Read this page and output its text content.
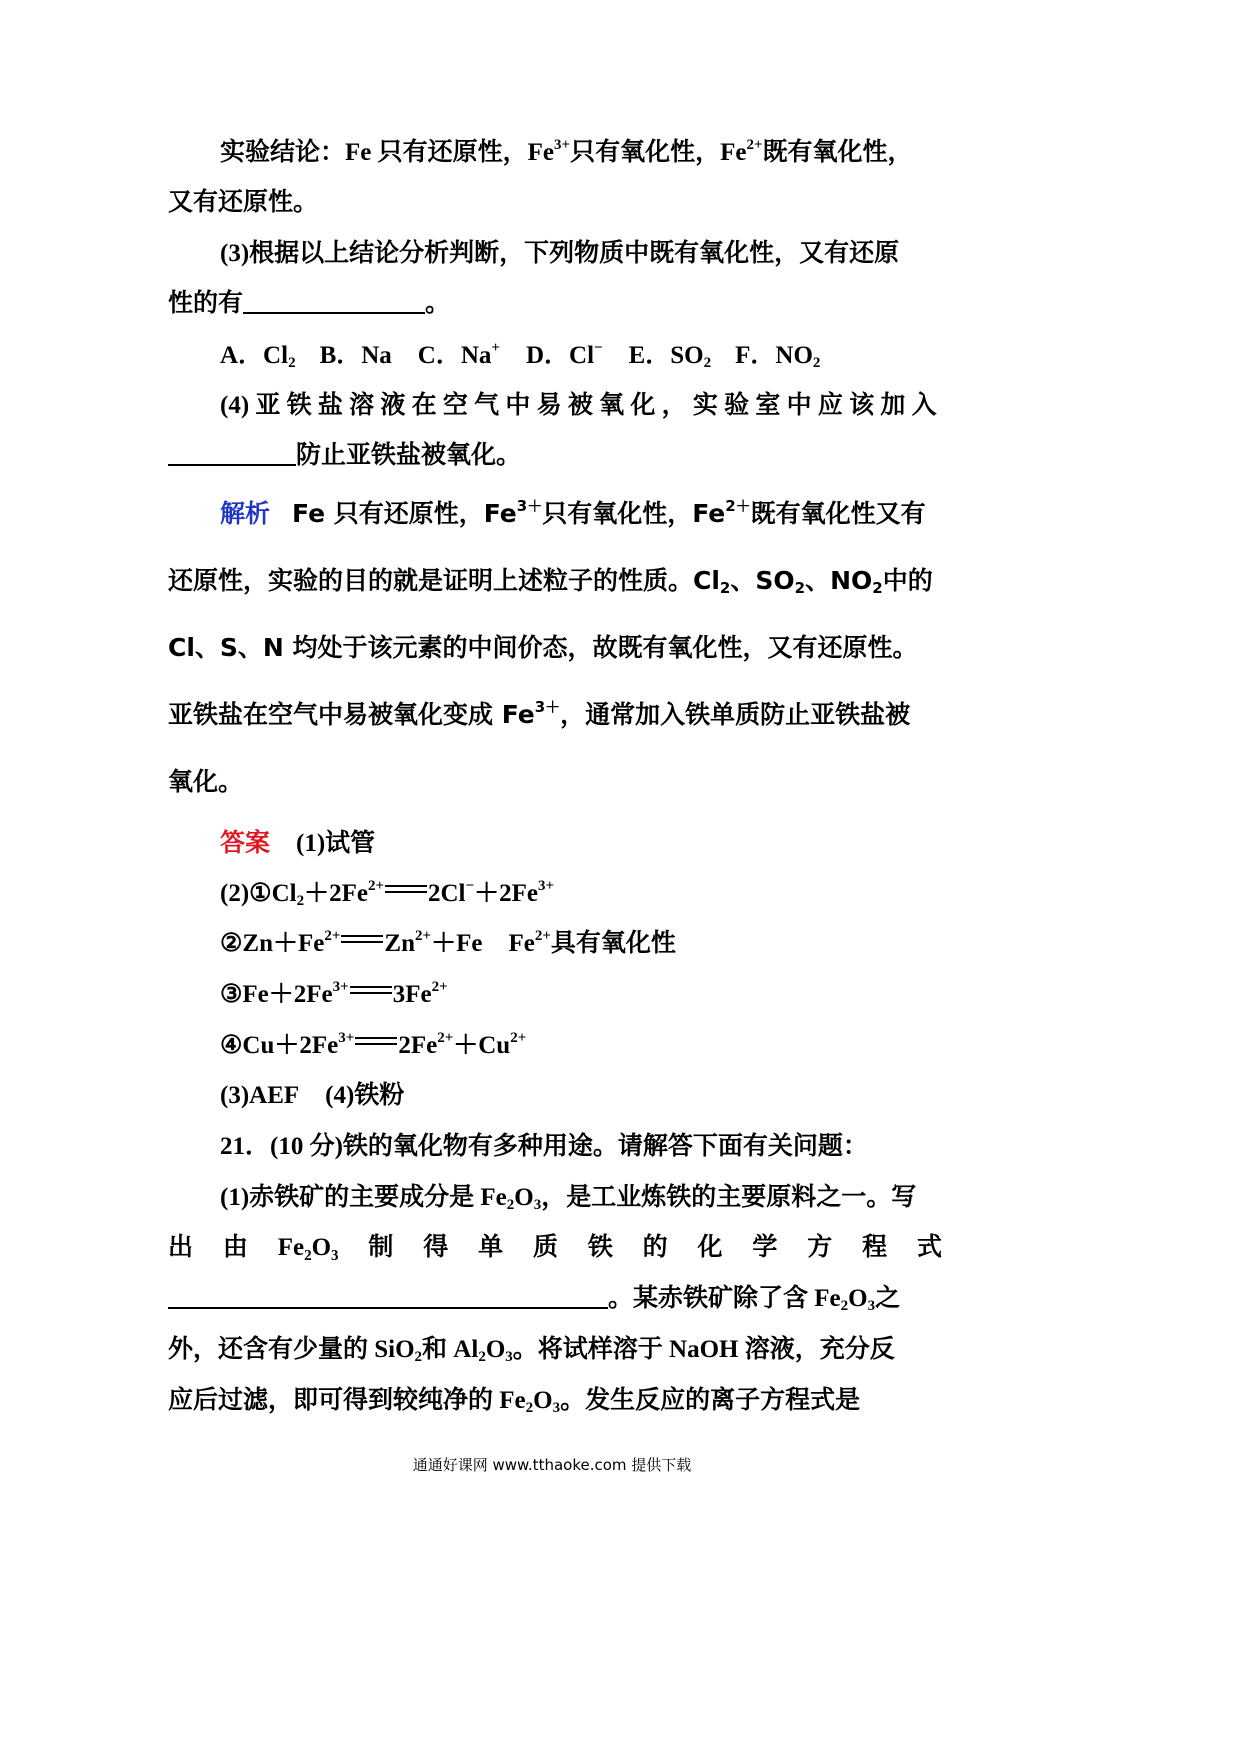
实验结论：Fe 只有还原性，$Fe^{3+}$只有氧化性，$Fe^{2+}$既有氧化性，
又有还原性。
(3)根据以上结论分析判断，下列物质中既有氧化性，又有还原
性的有	。
A．$Cl_2$ B．Na C．Na+ D．Cl− E．$SO_2$ F．$NO_2$
(4) 亚 铁 盐 溶 液 在 空 气 中 易 被 氧 化 ， 实 验 室 中 应 该 加 入
防止亚铁盐被氧化。
解析 Fe 只有还原性，$Fe^{3+}$只有氧化性，$Fe^{2+}$既有氧化性又有
还原性，实验的目的就是证明上述粒子的性质。$Cl_2$、$SO_2$、$NO_2$中的
Cl、S、N 均处于该元素的中间价态，故既有氧化性，又有还原性。
亚铁盐在空气中易被氧化变成 $Fe^{3+}$，通常加入铁单质防止亚铁盐被
氧化。
答案 (1)试管
$(2)①Cl_2+2Fe^{2+}$ $2Cl^-+2Fe^{3+}$
$②Zn+Fe^{2+}$ $Zn^{2+}+Fe$ $Fe^{2+}$具有氧化性
$③Fe+2Fe^{3+}$ $3Fe^{2+}$
$④Cu+2Fe^{3+}$ $2Fe^{2+}+Cu^{2+}$
(3)AEF (4)铁粉
21．(10 分)铁的氧化物有多种用途。请解答下面有关问题：
(1)赤铁矿的主要成分是 $Fe_2O_3$，是工业炼铁的主要原料之一。写
出 由 Fe₂O₃ 制 得 单 质 铁 的 化 学 方 程 式
。某赤铁矿除了含 $Fe_2O_3$之
外，还含有少量的 SiO$_2$和 $Al_2O_3$。将试样溶于 NaOH 溶液，充分反
应后过滤，即可得到较纯净的 $Fe_2O_3$。发生反应的离子方程式是
通通好课网 www.tthaoke.com 提供下载
